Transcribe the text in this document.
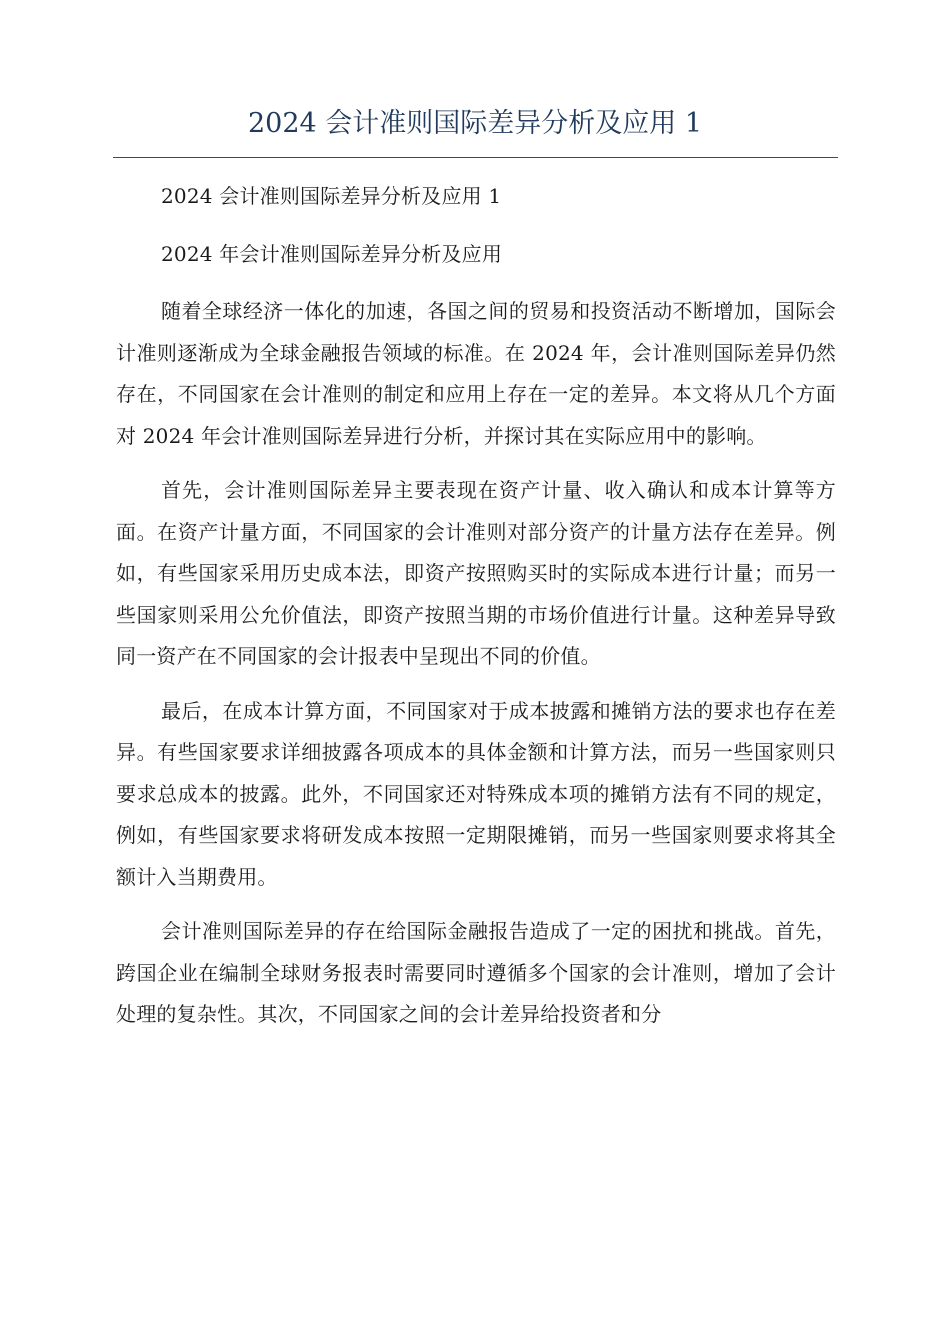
2024 会计准则国际差异分析及应用 1

2024 会计准则国际差异分析及应用 1

2024 年会计准则国际差异分析及应用

随着全球经济一体化的加速，各国之间的贸易和投资活动不断增加，国际会计准则逐渐成为全球金融报告领域的标准。在 2024 年，会计准则国际差异仍然存在，不同国家在会计准则的制定和应用上存在一定的差异。本文将从几个方面对 2024 年会计准则国际差异进行分析，并探讨其在实际应用中的影响。

首先，会计准则国际差异主要表现在资产计量、收入确认和成本计算等方面。在资产计量方面，不同国家的会计准则对部分资产的计量方法存在差异。例如，有些国家采用历史成本法，即资产按照购买时的实际成本进行计量；而另一些国家则采用公允价值法，即资产按照当期的市场价值进行计量。这种差异导致同一资产在不同国家的会计报表中呈现出不同的价值。

最后，在成本计算方面，不同国家对于成本披露和摊销方法的要求也存在差异。有些国家要求详细披露各项成本的具体金额和计算方法，而另一些国家则只要求总成本的披露。此外，不同国家还对特殊成本项的摊销方法有不同的规定，例如，有些国家要求将研发成本按照一定期限摊销，而另一些国家则要求将其全额计入当期费用。

会计准则国际差异的存在给国际金融报告造成了一定的困扰和挑战。首先，跨国企业在编制全球财务报表时需要同时遵循多个国家的会计准则，增加了会计处理的复杂性。其次，不同国家之间的会计差异给投资者和分
